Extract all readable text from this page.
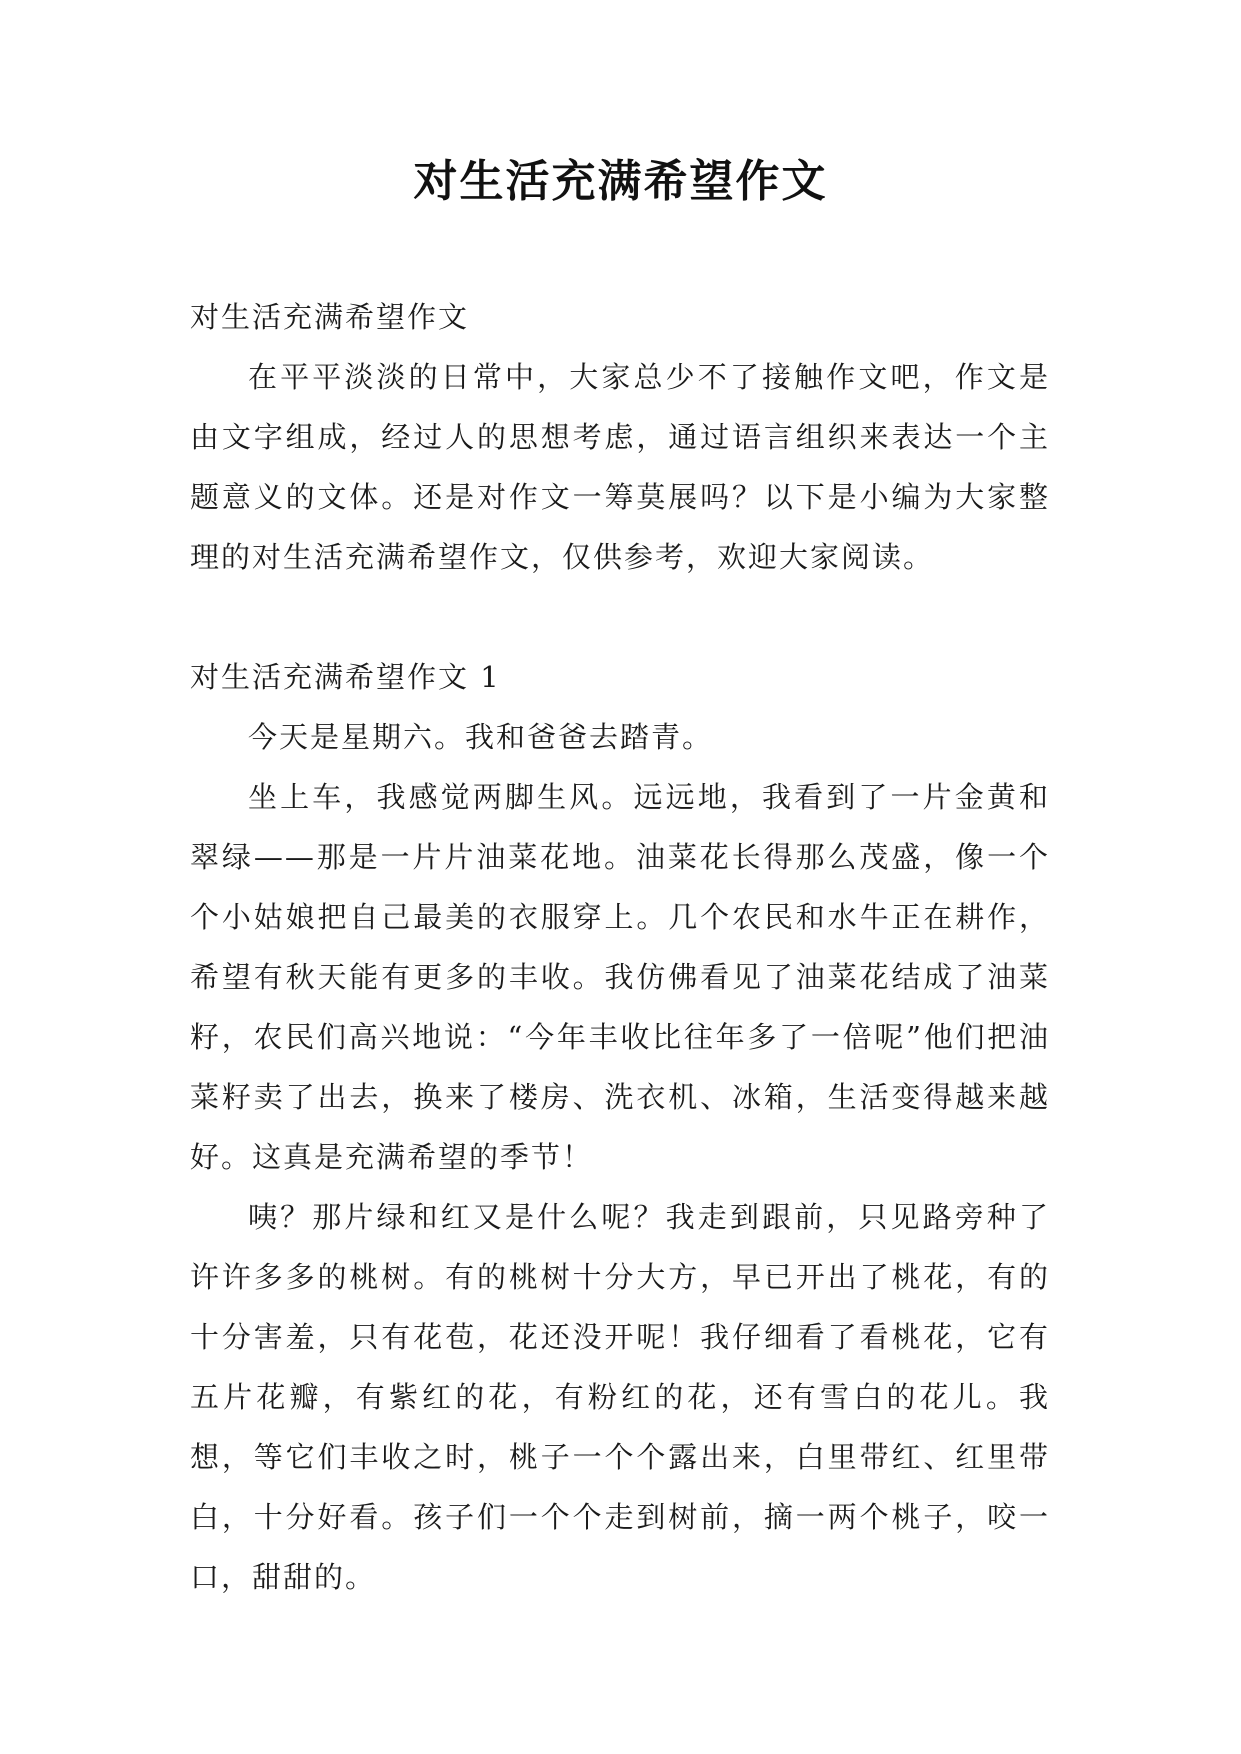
对生活充满希望作文

对生活充满希望作文

在平平淡淡的日常中，大家总少不了接触作文吧，作文是由文字组成，经过人的思想考虑，通过语言组织来表达一个主题意义的文体。还是对作文一筹莫展吗？以下是小编为大家整理的对生活充满希望作文，仅供参考，欢迎大家阅读。

对生活充满希望作文 1

今天是星期六。我和爸爸去踏青。

坐上车，我感觉两脚生风。远远地，我看到了一片金黄和翠绿——那是一片片油菜花地。油菜花长得那么茂盛，像一个个小姑娘把自己最美的衣服穿上。几个农民和水牛正在耕作，希望有秋天能有更多的丰收。我仿佛看见了油菜花结成了油菜籽，农民们高兴地说：“今年丰收比往年多了一倍呢”他们把油菜籽卖了出去，换来了楼房、洗衣机、冰箱，生活变得越来越好。这真是充满希望的季节！

咦？那片绿和红又是什么呢？我走到跟前，只见路旁种了许许多多的桃树。有的桃树十分大方，早已开出了桃花，有的十分害羞，只有花苞，花还没开呢！我仔细看了看桃花，它有五片花瓣，有紫红的花，有粉红的花，还有雪白的花儿。我想，等它们丰收之时，桃子一个个露出来，白里带红、红里带白，十分好看。孩子们一个个走到树前，摘一两个桃子，咬一口，甜甜的。
